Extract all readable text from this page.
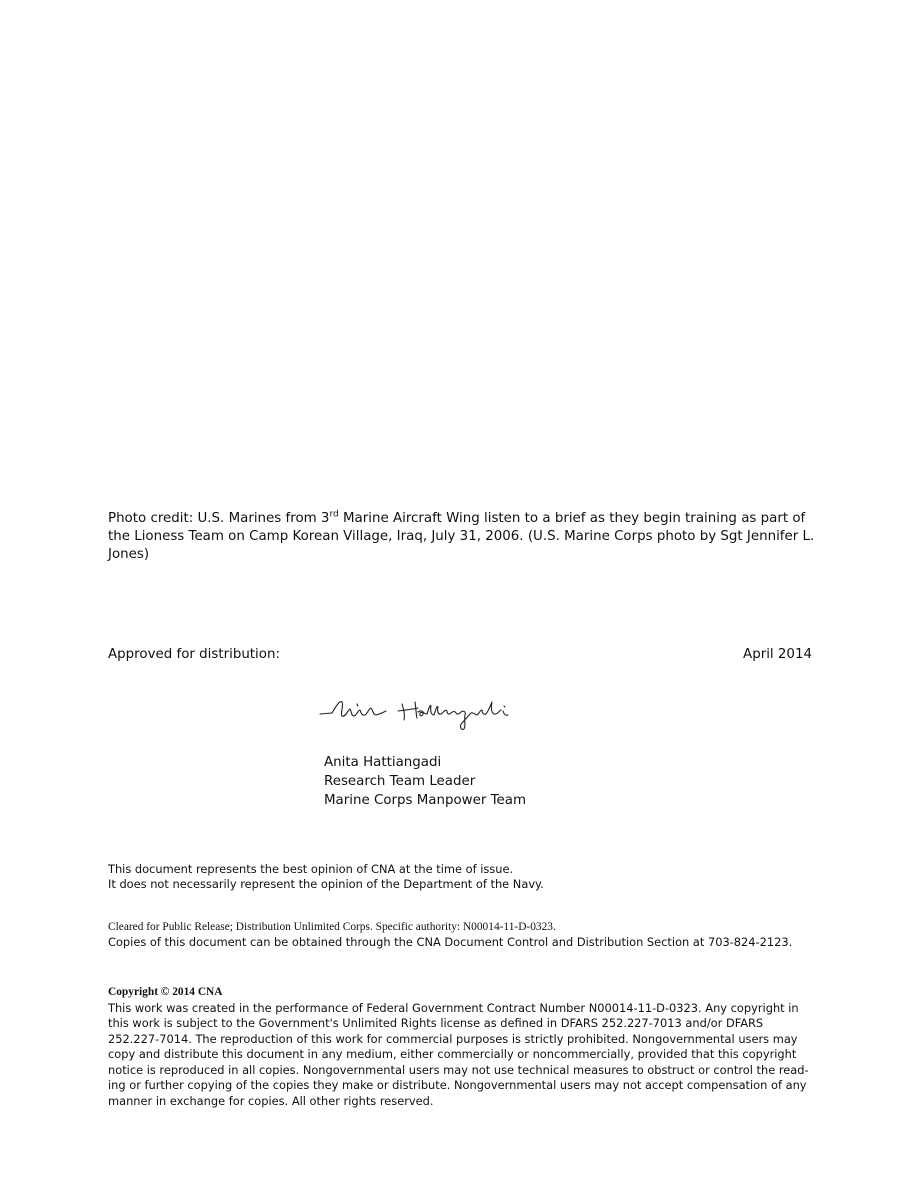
Photo credit: U.S. Marines from 3rd Marine Aircraft Wing listen to a brief as they begin training as part of the Lioness Team on Camp Korean Village, Iraq, July 31, 2006. (U.S. Marine Corps photo by Sgt Jennifer L. Jones)

Approved for distribution:	April 2014

Anita Hattiangadi
Research Team Leader
Marine Corps Manpower Team
This document represents the best opinion of CNA at the time of issue.
It does not necessarily represent the opinion of the Department of the Navy.
Cleared for Public Release; Distribution Unlimited Corps. Specific authority: N00014-11-D-0323.
Copies of this document can be obtained through the CNA Document Control and Distribution Section at 703-824-2123.
Copyright © 2014 CNA
This work was created in the performance of Federal Government Contract Number N00014-11-D-0323. Any copyright in this work is subject to the Government's Unlimited Rights license as defined in DFARS 252.227-7013 and/or DFARS 252.227-7014. The reproduction of this work for commercial purposes is strictly prohibited. Nongovernmental users may copy and distribute this document in any medium, either commercially or noncommercially, provided that this copyright notice is reproduced in all copies. Nongovernmental users may not use technical measures to obstruct or control the read-ing or further copying of the copies they make or distribute. Nongovernmental users may not accept compensation of any manner in exchange for copies. All other rights reserved.
